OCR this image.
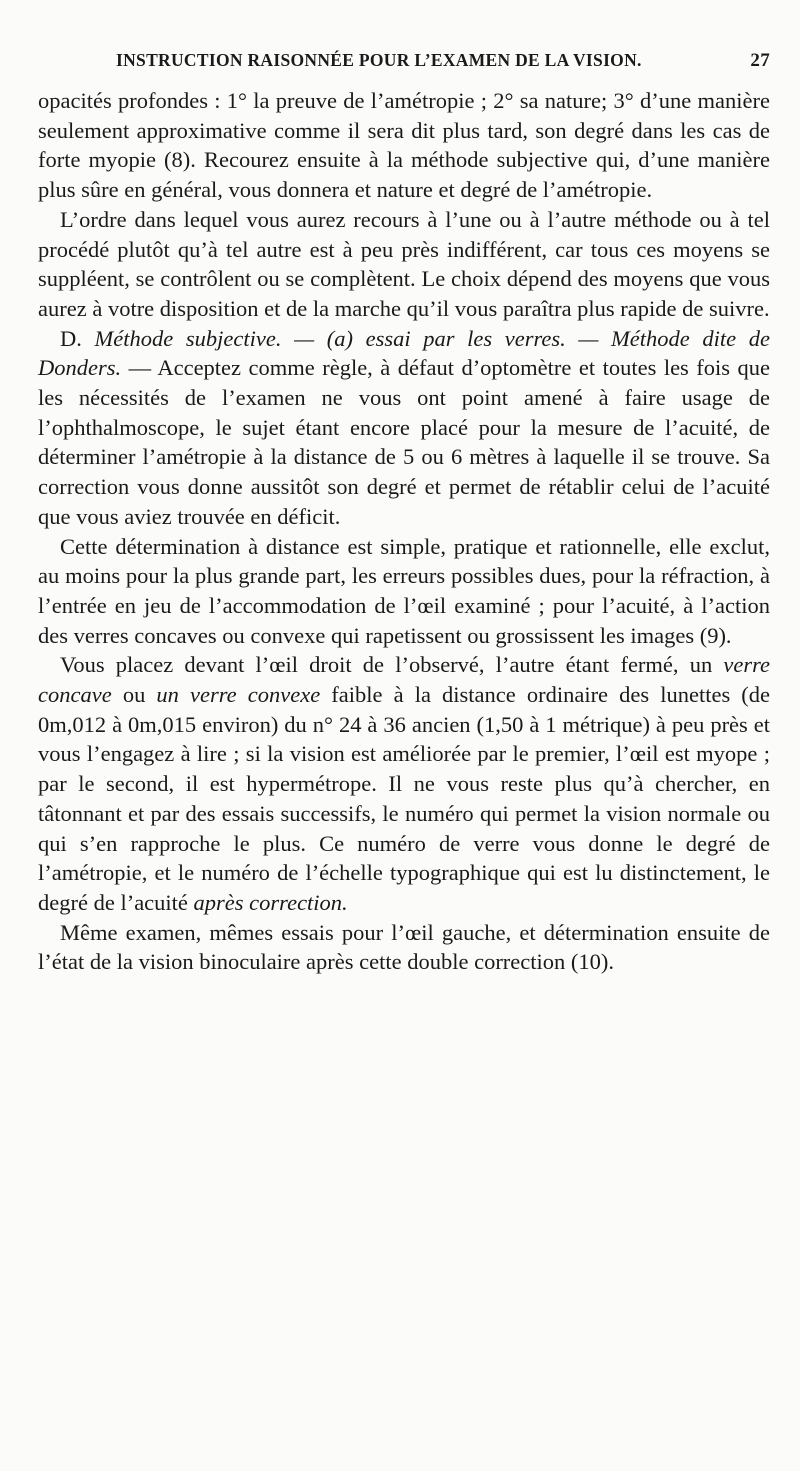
INSTRUCTION RAISONNÉE POUR L’EXAMEN DE LA VISION.	27

opacités profondes : 1° la preuve de l’amétropie ; 2° sa nature; 3° d’une manière seulement approximative comme il sera dit plus tard, son degré dans les cas de forte myopie (8). Recourez ensuite à la méthode subjective qui, d’une manière plus sûre en général, vous donnera et nature et degré de l’amétropie.

L’ordre dans lequel vous aurez recours à l’une ou à l’autre méthode ou à tel procédé plutôt qu’à tel autre est à peu près indifférent, car tous ces moyens se suppléent, se contrôlent ou se complètent. Le choix dépend des moyens que vous aurez à votre disposition et de la marche qu’il vous paraîtra plus rapide de suivre.

D. Méthode subjective. — (a) essai par les verres. — Méthode dite de Donders. — Acceptez comme règle, à défaut d’optomètre et toutes les fois que les nécessités de l’examen ne vous ont point amené à faire usage de l’ophthalmoscope, le sujet étant encore placé pour la mesure de l’acuité, de déterminer l’amétropie à la distance de 5 ou 6 mètres à laquelle il se trouve. Sa correction vous donne aussitôt son degré et permet de rétablir celui de l’acuité que vous aviez trouvée en déficit.

Cette détermination à distance est simple, pratique et rationnelle, elle exclut, au moins pour la plus grande part, les erreurs possibles dues, pour la réfraction, à l’entrée en jeu de l’accommodation de l’œil examiné ; pour l’acuité, à l’action des verres concaves ou convexe qui rapetissent ou grossissent les images (9).

Vous placez devant l’œil droit de l’observé, l’autre étant fermé, un verre concave ou un verre convexe faible à la distance ordinaire des lunettes (de 0m,012 à 0m,015 environ) du n° 24 à 36 ancien (1,50 à 1 métrique) à peu près et vous l’engagez à lire ; si la vision est améliorée par le premier, l’œil est myope ; par le second, il est hypermétrope. Il ne vous reste plus qu’à chercher, en tâtonnant et par des essais successifs, le numéro qui permet la vision normale ou qui s’en rapproche le plus. Ce numéro de verre vous donne le degré de l’amétropie, et le numéro de l’échelle typographique qui est lu distinctement, le degré de l’acuité après correction.

Même examen, mêmes essais pour l’œil gauche, et détermination ensuite de l’état de la vision binoculaire après cette double correction (10).
